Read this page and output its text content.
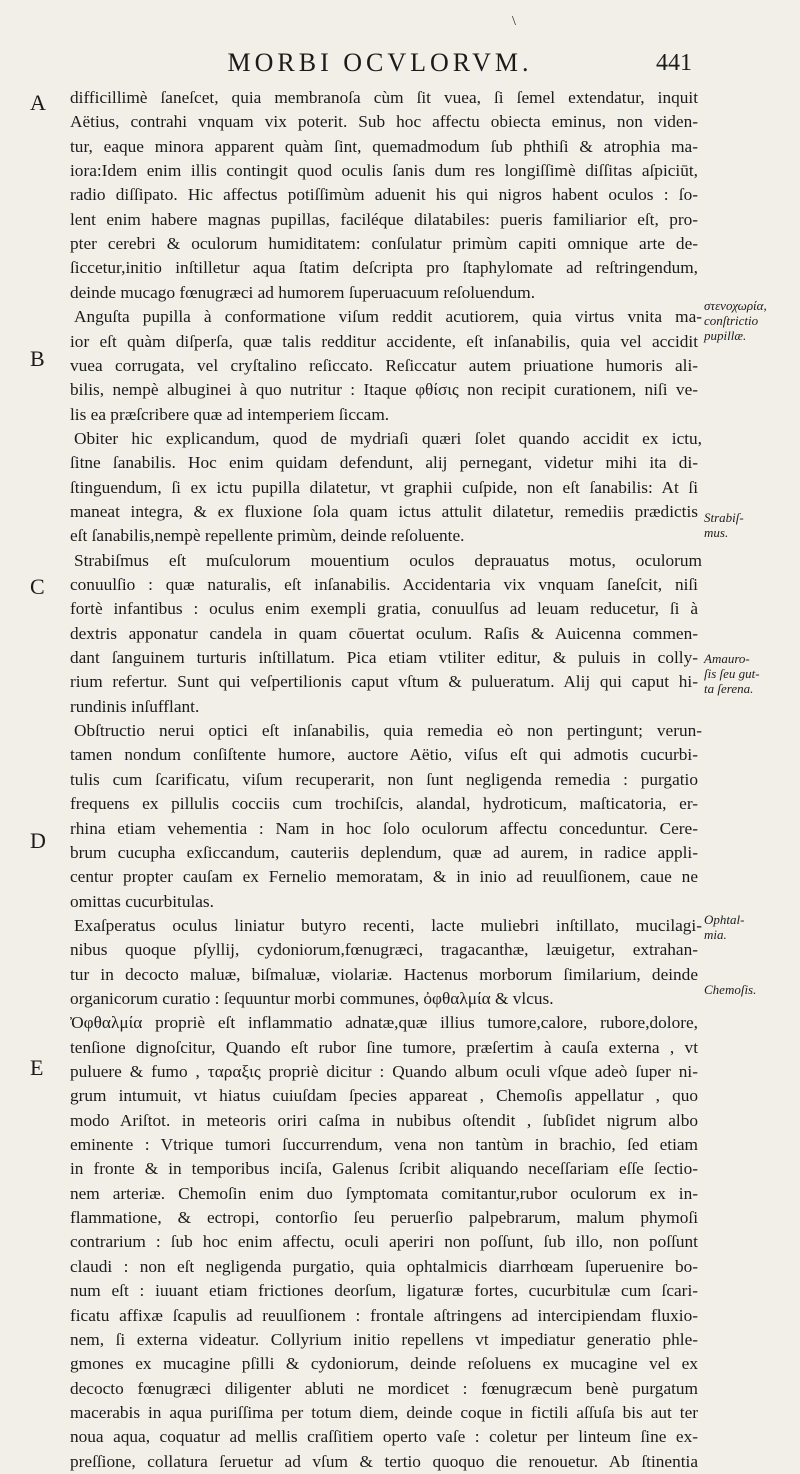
\
MORBI OCVLORVM.	441
difficillimè ſaneſcet, quia membranoſa cùm ſit vuea, ſi ſemel extendatur, inquit
Aëtius, contrahi vnquam vix poterit. Sub hoc affectu obiecta eminus, non viden-
tur, eaque minora apparent quàm ſint, quemadmodum ſub phthiſi & atrophia ma-
iora:Idem enim illis contingit quod oculis ſanis dum res longiſſimè diſſitas aſpiciūt,
radio diſſipato. Hic affectus potiſſimùm aduenit his qui nigros habent oculos : ſo-
lent enim habere magnas pupillas, faciléque dilatabiles: pueris familiarior eſt, pro-
pter cerebri & oculorum humiditatem: conſulatur primùm capiti omnique arte de-
ſiccetur,initio inſtilletur aqua ſtatim deſcripta pro ſtaphylomate ad reſtringendum,
deinde mucago fœnugræci ad humorem ſuperuacuum reſoluendum.
Anguſta pupilla à conformatione viſum reddit acutiorem, quia virtus vnita ma-
ior eſt quàm diſperſa, quæ talis redditur accidente, eſt inſanabilis, quia vel accidit
vuea corrugata, vel cryſtalino reſiccato. Reſiccatur autem priuatione humoris ali-
bilis, nempè albuginei à quo nutritur : Itaque φθίσις non recipit curationem, niſi ve-
lis ea præſcribere quæ ad intemperiem ſiccam.
Obiter hic explicandum, quod de mydriaſi quæri ſolet quando accidit ex ictu,
ſitne ſanabilis. Hoc enim quidam defendunt, alij pernegant, videtur mihi ita di-
ſtinguendum, ſi ex ictu pupilla dilatetur, vt graphii cuſpide, non eſt ſanabilis: At ſi
maneat integra, & ex fluxione ſola quam ictus attulit dilatetur, remediis prædictis
eſt ſanabilis,nempè repellente primùm, deinde reſoluente.
Strabiſmus eſt muſculorum mouentium oculos deprauatus motus, oculorum
conuulſio : quæ naturalis, eſt inſanabilis. Accidentaria vix vnquam ſaneſcit, niſi
fortè infantibus : oculus enim exempli gratia, conuulſus ad leuam reducetur, ſi à
dextris apponatur candela in quam cōuertat oculum. Raſis & Auicenna commen-
dant ſanguinem turturis inſtillatum. Pica etiam vtiliter editur, & puluis in colly-
rium refertur. Sunt qui veſpertilionis caput vſtum & pulueratum. Alij qui caput hi-
rundinis inſufflant.
Obſtructio nerui optici eſt inſanabilis, quia remedia eò non pertingunt; verun-
tamen nondum conſiſtente humore, auctore Aëtio, viſus eſt qui admotis cucurbi-
tulis cum ſcarificatu, viſum recuperarit, non ſunt negligenda remedia : purgatio
frequens ex pillulis cocciis cum trochiſcis, alandal, hydroticum, maſticatoria, er-
rhina etiam vehementia : Nam in hoc ſolo oculorum affectu conceduntur. Cere-
brum cucupha exſiccandum, cauteriis deplendum, quæ ad aurem, in radice appli-
centur propter cauſam ex Fernelio memoratam, & in inio ad reuulſionem, caue ne
omittas cucurbitulas.
Exaſperatus oculus liniatur butyro recenti, lacte muliebri inſtillato, mucilagi-
nibus quoque pſyllij, cydoniorum,fœnugræci, tragacanthæ, læuigetur, extrahan-
tur in decocto maluæ, biſmaluæ, violariæ. Hactenus morborum ſimilarium, deinde
organicorum curatio : ſequuntur morbi communes, ὀφθαλμία & vlcus.
Ὀφθαλμία propriè eſt inflammatio adnatæ,quæ illius tumore,calore, rubore,dolore,
tenſione dignoſcitur, Quando eſt rubor ſine tumore, præſertim à cauſa externa , vt
puluere & fumo , ταραξις propriè dicitur : Quando album oculi vſque adeò ſuper ni-
grum intumuit, vt hiatus cuiuſdam ſpecies appareat , Chemoſis appellatur , quo
modo Ariſtot. in meteoris oriri caſma in nubibus oſtendit , ſubſidet nigrum albo
eminente : Vtrique tumori ſuccurrendum, vena non tantùm in brachio, ſed etiam
in fronte & in temporibus inciſa, Galenus ſcribit aliquando neceſſariam eſſe ſectio-
nem arteriæ. Chemoſin enim duo ſymptomata comitantur,rubor oculorum ex in-
flammatione, & ectropi, contorſio ſeu peruerſio palpebrarum, malum phymoſi
contrarium : ſub hoc enim affectu, oculi aperiri non poſſunt, ſub illo, non poſſunt
claudi : non eſt negligenda purgatio, quia ophtalmicis diarrhœam ſuperuenire bo-
num eſt : iuuant etiam frictiones deorſum, ligaturæ fortes, cucurbitulæ cum ſcari-
ficatu affixæ ſcapulis ad reuulſionem : frontale aſtringens ad intercipiendam fluxio-
nem, ſi externa videatur. Collyrium initio repellens vt impediatur generatio phle-
gmones ex mucagine pſilli & cydoniorum, deinde reſoluens ex mucagine vel ex
decocto fœnugræci diligenter abluti ne mordicet : fœnugræcum benè purgatum
macerabis in aqua puriſſima per totum diem, deinde coque in fictili aſſuſa bis aut ter
noua aqua, coquatur ad mellis craſſitiem operto vaſe : coletur per linteum ſine ex-
preſſione, collatura ſeruetur ad vſum & tertio quoquo die renouetur. Ab ſtinentia
A
B
C
D
E
στενοχωρία,
conſtrictio
pupillæ.
Strabiſ-
mus.
Amauro-
ſis ſeu gut-
ta ſerena.
Ophtal-
mia.
Chemoſis.
